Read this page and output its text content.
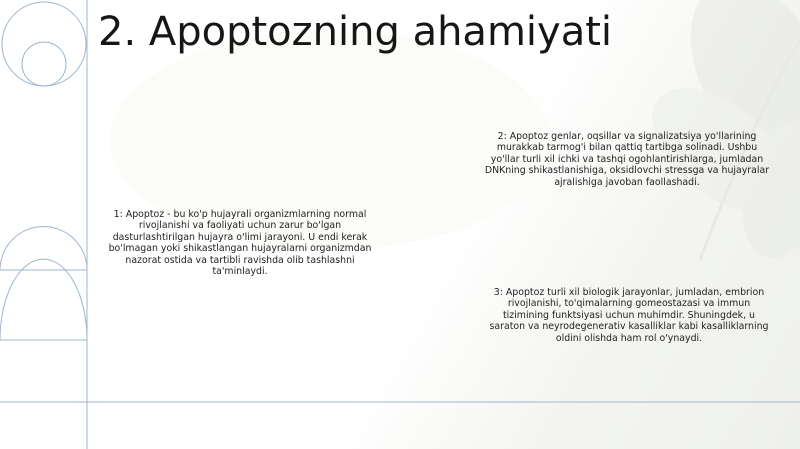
2. Apoptozning ahamiyati

1: Apoptoz - bu ko'p hujayrali organizmlarning normal rivojlanishi va faoliyati uchun zarur bo'lgan dasturlashtirilgan hujayra o'limi jarayoni. U endi kerak bo'lmagan yoki shikastlangan hujayralarni organizmdan nazorat ostida va tartibli ravishda olib tashlashni ta'minlaydi.

2: Apoptoz genlar, oqsillar va signalizatsiya yo'llarining murakkab tarmog'i bilan qattiq tartibga solinadi. Ushbu yo'llar turli xil ichki va tashqi ogohlantirishlarga, jumladan DNKning shikastlanishiga, oksidlovchi stressga va hujayralar ajralishiga javoban faollashadi.

3: Apoptoz turli xil biologik jarayonlar, jumladan, embrion rivojlanishi, to'qimalarning gomeostazasi va immun tizimining funktsiyasi uchun muhimdir. Shuningdek, u saraton va neyrodegenerativ kasalliklar kabi kasalliklarning oldini olishda ham rol o'ynaydi.
